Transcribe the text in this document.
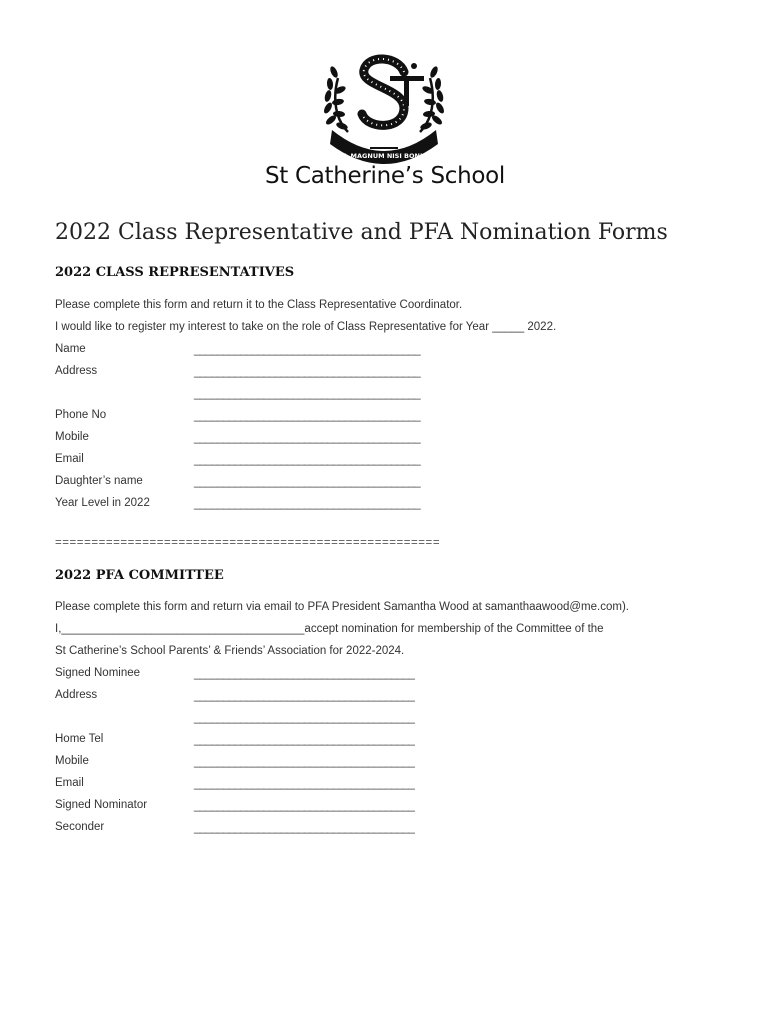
NIL MAGNUM NISI BONUM
St Catherine’s School
2022 Class Representative and PFA Nomination Forms
2022 CLASS REPRESENTATIVES
Please complete this form and return it to the Class Representative Coordinator.
I would like to register my interest to take on the role of Class Representative for Year _____ 2022.
Name	_______________________________________
Address	_______________________________________
_______________________________________
Phone No	_______________________________________
Mobile	_______________________________________
Email	_______________________________________
Daughter’s name	_______________________________________
Year Level in 2022	_______________________________________
=====================================================
2022 PFA COMMITTEE
Please complete this form and return via email to PFA President Samantha Wood at samanthaawood@me.com).
I,______________________________________accept nomination for membership of the Committee of the
St Catherine’s School Parents’ & Friends’ Association for 2022-2024.
Signed Nominee	______________________________________
Address	______________________________________
______________________________________
Home Tel	______________________________________
Mobile	______________________________________
Email	______________________________________
Signed Nominator	______________________________________
Seconder	______________________________________
